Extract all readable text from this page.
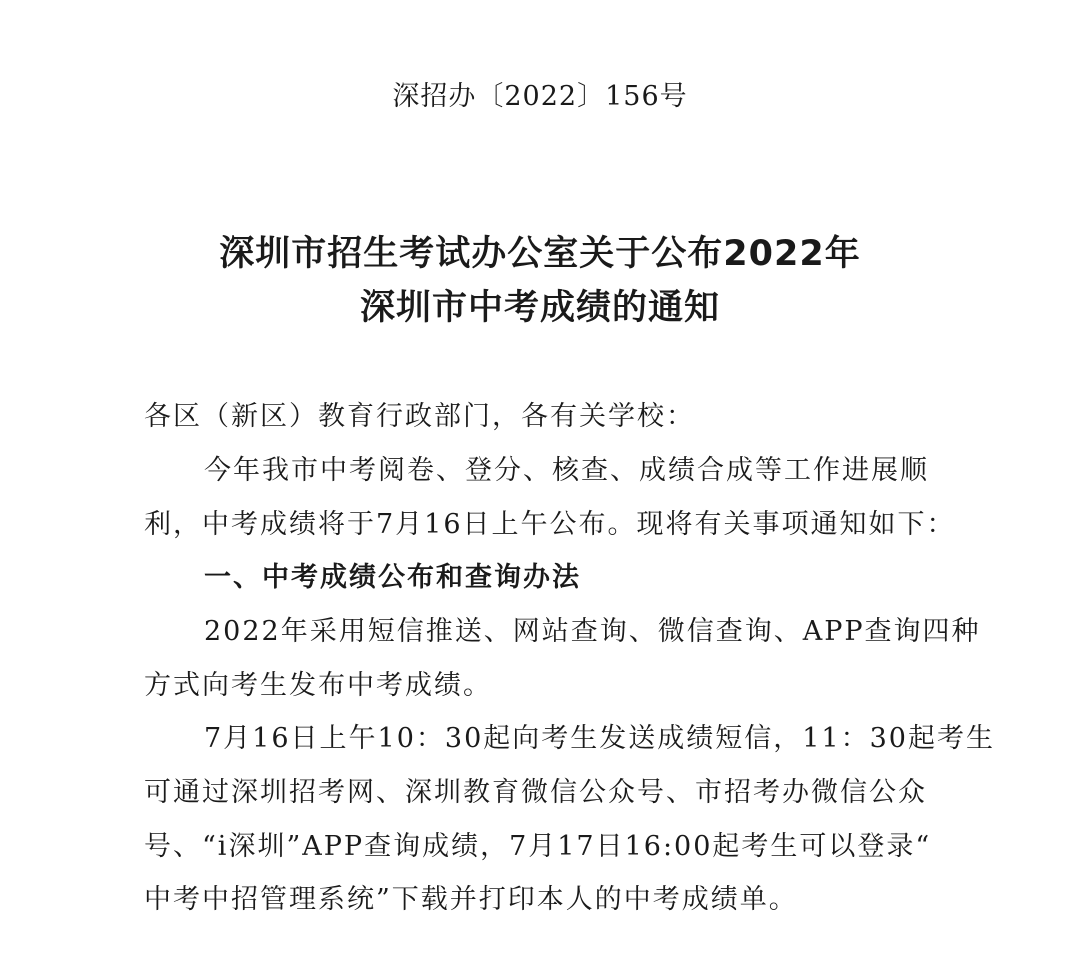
深招办〔2022〕156号
深圳市招生考试办公室关于公布2022年
深圳市中考成绩的通知
各区（新区）教育行政部门，各有关学校：
今年我市中考阅卷、登分、核查、成绩合成等工作进展顺
利，中考成绩将于7月16日上午公布。现将有关事项通知如下：
一、中考成绩公布和查询办法
2022年采用短信推送、网站查询、微信查询、APP查询四种
方式向考生发布中考成绩。
7月16日上午10：30起向考生发送成绩短信，11：30起考生
可通过深圳招考网、深圳教育微信公众号、市招考办微信公众
号、“i深圳”APP查询成绩，7月17日16:00起考生可以登录“
中考中招管理系统”下载并打印本人的中考成绩单。
